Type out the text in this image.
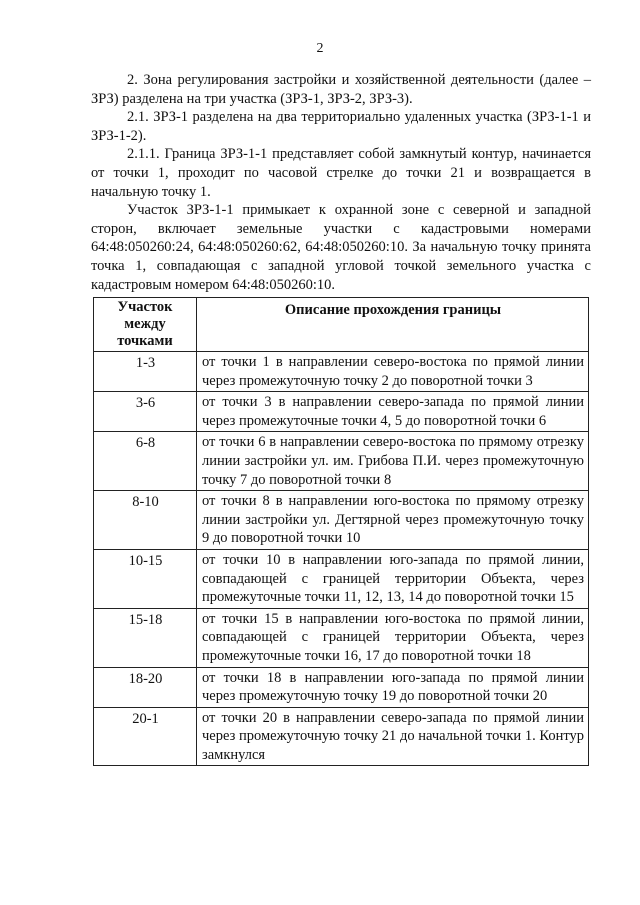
2

2. Зона регулирования застройки и хозяйственной деятельности (далее – ЗРЗ) разделена на три участка (ЗРЗ-1, ЗРЗ-2, ЗРЗ-3).

2.1. ЗРЗ-1 разделена на два территориально удаленных участка (ЗРЗ-1-1 и ЗРЗ-1-2).

2.1.1. Граница ЗРЗ-1-1 представляет собой замкнутый контур, начинается от точки 1, проходит по часовой стрелке до точки 21 и возвращается в начальную точку 1.

Участок ЗРЗ-1-1 примыкает к охранной зоне с северной и западной сторон, включает земельные участки с кадастровыми номерами 64:48:050260:24, 64:48:050260:62, 64:48:050260:10. За начальную точку принята точка 1, совпадающая с западной угловой точкой земельного участка с кадастровым номером 64:48:050260:10.

Участок между точками	Описание прохождения границы
1-3	от точки 1 в направлении северо-востока по прямой линии через промежуточную точку 2 до поворотной точки 3
3-6	от точки 3 в направлении северо-запада по прямой линии через промежуточные точки 4, 5 до поворотной точки 6
6-8	от точки 6 в направлении северо-востока по прямому отрезку линии застройки ул. им. Грибова П.И. через промежуточную точку 7 до поворотной точки 8
8-10	от точки 8 в направлении юго-востока по прямому отрезку линии застройки ул. Дегтярной через промежуточную точку 9 до поворотной точки 10
10-15	от точки 10 в направлении юго-запада по прямой линии, совпадающей с границей территории Объекта, через промежуточные точки 11, 12, 13, 14 до поворотной точки 15
15-18	от точки 15 в направлении юго-востока по прямой линии, совпадающей с границей территории Объекта, через промежуточные точки 16, 17 до поворотной точки 18
18-20	от точки 18 в направлении юго-запада по прямой линии через промежуточную точку 19 до поворотной точки 20
20-1	от точки 20 в направлении северо-запада по прямой линии через промежуточную точку 21 до начальной точки 1. Контур замкнулся
